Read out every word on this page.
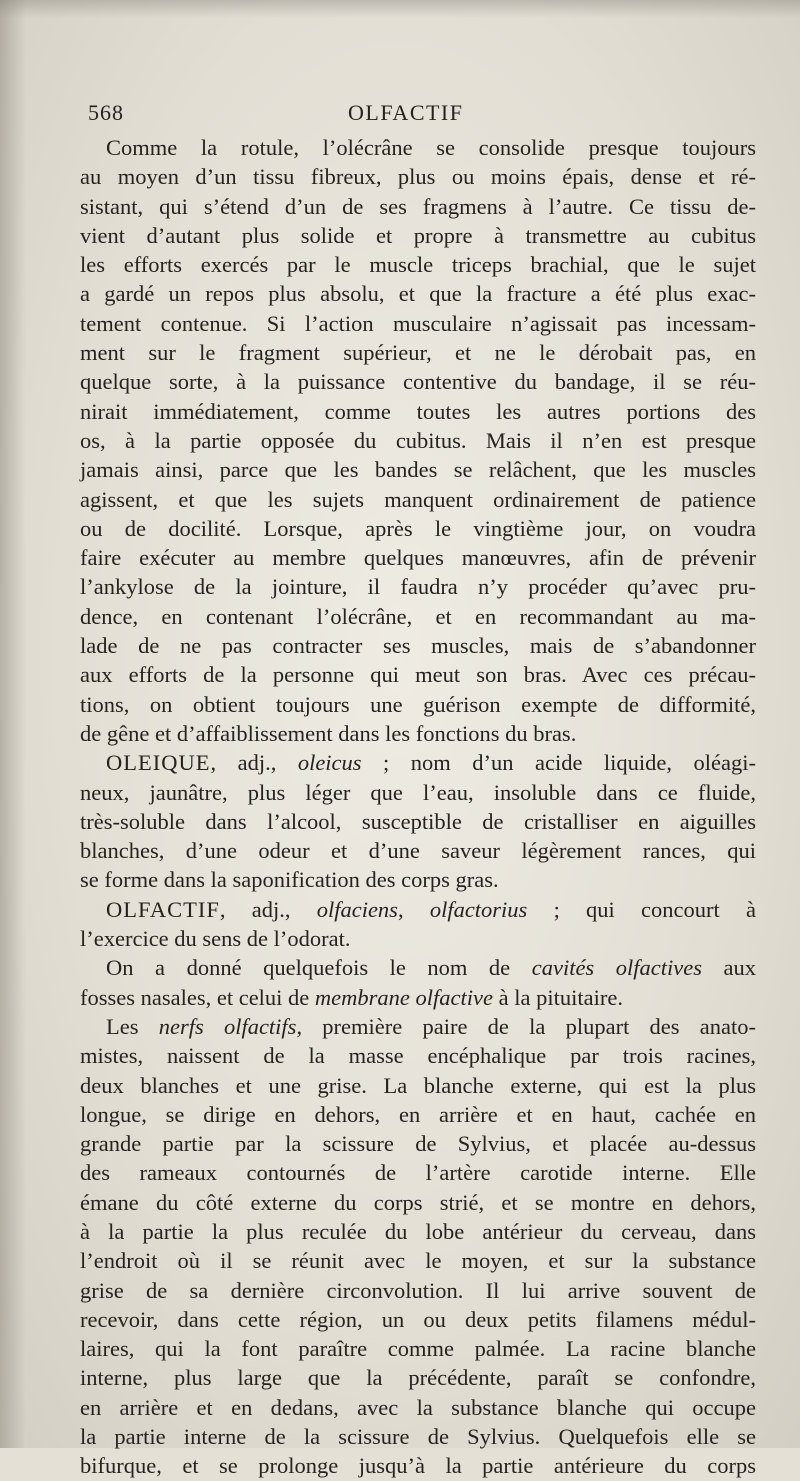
568	OLFACTIF
Comme la rotule, l’olécrâne se consolide presque toujours
au moyen d’un tissu fibreux, plus ou moins épais, dense et ré-
sistant, qui s’étend d’un de ses fragmens à l’autre. Ce tissu de-
vient d’autant plus solide et propre à transmettre au cubitus
les efforts exercés par le muscle triceps brachial, que le sujet
a gardé un repos plus absolu, et que la fracture a été plus exac-
tement contenue. Si l’action musculaire n’agissait pas incessam-
ment sur le fragment supérieur, et ne le dérobait pas, en
quelque sorte, à la puissance contentive du bandage, il se réu-
nirait immédiatement, comme toutes les autres portions des
os, à la partie opposée du cubitus. Mais il n’en est presque
jamais ainsi, parce que les bandes se relâchent, que les muscles
agissent, et que les sujets manquent ordinairement de patience
ou de docilité. Lorsque, après le vingtième jour, on voudra
faire exécuter au membre quelques manœuvres, afin de prévenir
l’ankylose de la jointure, il faudra n’y procéder qu’avec pru-
dence, en contenant l’olécrâne, et en recommandant au ma-
lade de ne pas contracter ses muscles, mais de s’abandonner
aux efforts de la personne qui meut son bras. Avec ces précau-
tions, on obtient toujours une guérison exempte de difformité,
de gêne et d’affaiblissement dans les fonctions du bras.
OLEIQUE, adj., oleicus ; nom d’un acide liquide, oléagi-
neux, jaunâtre, plus léger que l’eau, insoluble dans ce fluide,
très-soluble dans l’alcool, susceptible de cristalliser en aiguilles
blanches, d’une odeur et d’une saveur légèrement rances, qui
se forme dans la saponification des corps gras.
OLFACTIF, adj., olfaciens, olfactorius ; qui concourt à
l’exercice du sens de l’odorat.
On a donné quelquefois le nom de cavités olfactives aux
fosses nasales, et celui de membrane olfactive à la pituitaire.
Les nerfs olfactifs, première paire de la plupart des anato-
mistes, naissent de la masse encéphalique par trois racines,
deux blanches et une grise. La blanche externe, qui est la plus
longue, se dirige en dehors, en arrière et en haut, cachée en
grande partie par la scissure de Sylvius, et placée au-dessus
des rameaux contournés de l’artère carotide interne. Elle
émane du côté externe du corps strié, et se montre en dehors,
à la partie la plus reculée du lobe antérieur du cerveau, dans
l’endroit où il se réunit avec le moyen, et sur la substance
grise de sa dernière circonvolution. Il lui arrive souvent de
recevoir, dans cette région, un ou deux petits filamens médul-
laires, qui la font paraître comme palmée. La racine blanche
interne, plus large que la précédente, paraît se confondre,
en arrière et en dedans, avec la substance blanche qui occupe
la partie interne de la scissure de Sylvius. Quelquefois elle se
bifurque, et se prolonge jusqu’à la partie antérieure du corps
